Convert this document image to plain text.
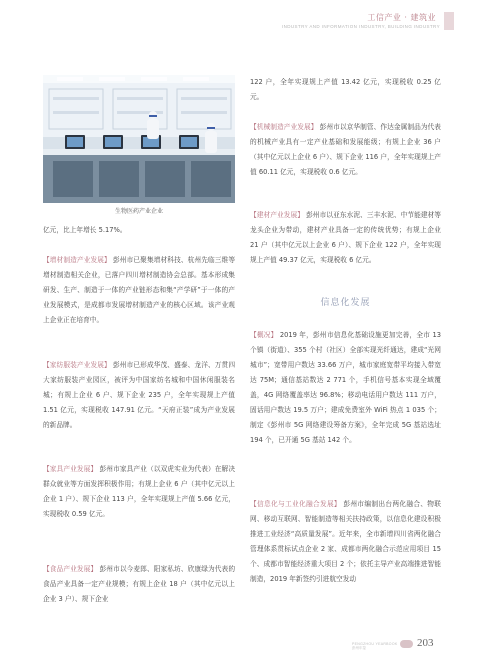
工信产业 · 建筑业
INDUSTRY AND INFORMATION INDUSTRY, BUILDING INDUSTRY
生物医药产业企业

亿元，比上年增长 5.17%。

【增材制造产业发展】 彭州市已聚集增材科技、杭州先临三维等增材制造相关企业，已落户四川增材制造协会总部。基本形成集研发、生产、制造于一体的产业链形态和集“产学研”于一体的产业发展模式，是成都市发展增材制造产业的核心区域。该产业观上企业正在培育中。

【家纺服装产业发展】 彭州市已形成华茂、盛泰、龙洋、万贯四大家纺服装产业园区，被评为中国家纺名城和中国休闲服装名城；有规上企业 6 户、规下企业 235 户，全年实现规上产值 1.51 亿元，实现税收 147.91 亿元。“天府正装”成为产业发展的新品牌。

【家具产业发展】 彭州市家具产业（以双虎实业为代表）在解决群众就业等方面发挥积极作用；有规上企业 6 户（其中亿元以上企业 1 户）、规下企业 113 户，全年实现规上产值 5.66 亿元，实现税收 0.59 亿元。

【食品产业发展】 彭州市以今麦郎、阳家私坊、欣康绿为代表的食品产业具备一定产业规模；有规上企业 18 户（其中亿元以上企业 3 户）、规下企业

122 户，全年实现规上产值 13.42 亿元，实现税收 0.25 亿元。

【机械制造产业发展】 彭州市以京华制管、作达金属制品为代表的机械产业具有一定产业基础和发展能级；有规上企业 36 户（其中亿元以上企业 6 户）、规下企业 116 户，全年实现规上产值 60.11 亿元，实现税收 0.6 亿元。

【建材产业发展】 彭州市以亚东水泥、三丰水泥、中节能建材等龙头企业为带动，建材产业具备一定的传统优势；有规上企业 21 户（其中亿元以上企业 6 户）、规下企业 122 户，全年实现规上产值 49.37 亿元，实现税收 6 亿元。

信息化发展

【概况】 2019 年，彭州市信息化基础设施更加完善，全市 13 个镇（街道）、355 个村（社区）全部实现光纤通达，建成“光网城市”；宽带用户数达 33.66 万户，城市家庭宽带平均接入带宽达 75M；通信基站数达 2 771 个，手机信号基本实现全域覆盖，4G 网络覆盖率达 96.8%；移动电话用户数达 111 万户，固话用户数达 19.5 万户；建成免费室外 WiFi 热点 1 035 个；制定《彭州市 5G 网络建设筹备方案》，全年完成 5G 基站选址 194 个，已开通 5G 基站 142 个。

【信息化与工业化融合发展】 彭州市编制出台两化融合、物联网、移动互联网、智能制造等相关扶持政策，以信息化建设积极推进工业经济“高质量发展”。近年来，全市新增四川省两化融合管理体系贯标试点企业 2 家、成都市两化融合示范应用项目 15 个、成都市智能经济重大项目 2 个；依托主导产业高端推进智能制造，2019 年新签约引进航空发动

PENGZHOU YEARBOOK
彭州年鉴	203
